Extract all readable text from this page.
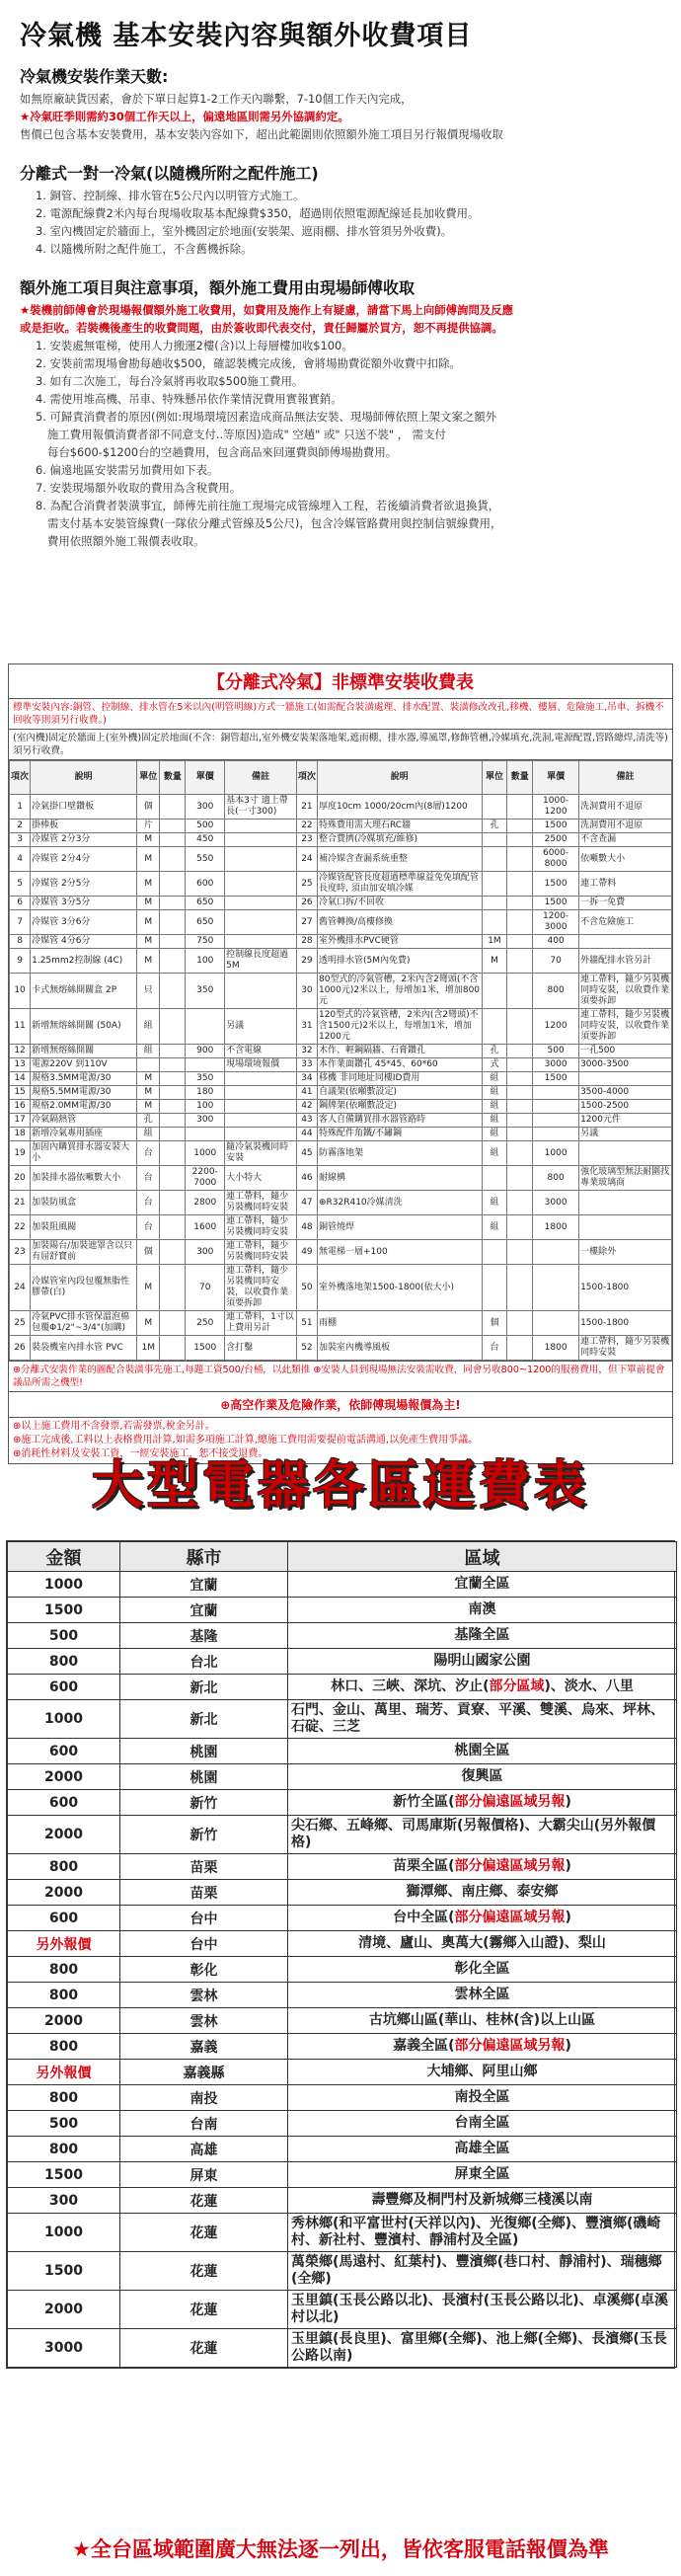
冷氣機 基本安裝內容與額外收費項目
冷氣機安裝作業天數:
如無原廠缺貨因素，會於下單日起算1-2工作天內聯繫，7-10個工作天內完成，
★冷氣旺季則需約30個工作天以上，偏遠地區則需另外協調約定。
售價已包含基本安裝費用，基本安裝內容如下，超出此範圍則依照額外施工項目另行報價現場收取
分離式一對一冷氣(以隨機所附之配件施工)
1. 銅管、控制線、排水管在5公尺內以明管方式施工。
2. 電源配線費2米內每台現場收取基本配線費$350，超過則依照電源配線延長加收費用。
3. 室內機固定於牆面上，室外機固定於地面(安裝架、遮雨棚、排水管須另外收費)。
4. 以隨機所附之配件施工，不含舊機拆除。
額外施工項目與注意事項，額外施工費用由現場師傅收取
★裝機前師傅會於現場報價額外施工收費用，如費用及施作上有疑慮，請當下馬上向師傅詢問及反應
或是拒收。若裝機後產生的收費問題，由於簽收即代表交付，責任歸屬於買方，恕不再提供協調。
1. 安裝處無電梯，使用人力搬運2樓(含)以上每層樓加收$100。
2. 安裝前需現場會勘每趟收$500，確認裝機完成後，會將場勘費從額外收費中扣除。
3. 如有二次施工，每台冷氣將再收取$500施工費用。
4. 需使用堆高機、吊車、特殊懸吊依作業情況費用實報實銷。
5. 可歸責消費者的原因(例如:現場環境因素造成商品無法安裝、現場師傅依照上架文案之額外
施工費用報價消費者卻不同意支付..等原因)造成" 空趟" 或" 只送不裝" ， 需支付
每台$600-$1200台的空趟費用，包含商品來回運費與師傅場勘費用。
6. 偏遠地區安裝需另加費用如下表。
7. 安裝現場額外收取的費用為含稅費用。
8. 為配合消費者裝潢事宜，師傅先前往施工現場完成管線埋入工程，若後續消費者欲退換貨，
需支付基本安裝管線費(一隊依分離式管線及5公尺)，包含冷媒管路費用與控制信號線費用，
費用依照額外施工報價表收取。
【分離式冷氣】非標準安裝收費表
標準安裝內容:銅管、控制線、排水管在5米以內(明管明線)方式一牆施工(如需配合裝潢處理、排水配置、裝潢修改改孔,移機、樓層、危險施工,吊車、拆機不回收等則須另行收費。)
(室內機)固定於牆面上(室外機)固定於地面(不含：銅管超出,室外機安裝架落地架,遮雨棚、排水器,導風罩,修飾管槽,冷媒填充,洗洞,電源配置,管路總焊,清洗等)須另行收費。
項次	說明	單位	數量	單價	備註	項次	說明	單位	數量	單價	備註
1	冷氣掛口壁鑽板	個		300	基本3寸 適上帶長(一寸300)	21	厚度10cm 1000/20cm內(8層)1200			1000-1200	洗洞費用不退原
2	掛棒板	片		500		22	特殊費用需大理石RC牆	孔		1500	洗洞費用不退原
3	冷媒管 2分3分	M		450		23	整合費擠(冷媒填充/維修)			2500	不含查漏
4	冷媒管 2分4分	M		550		24	補冷媒含查漏系統重整			6000-8000	依噸數大小
5	冷媒管 2分5分	M		600		25	冷媒管配管長度超過標準線益免免填配管長度時, 須由加安填冷媒			1500	連工帶料
6	冷媒管 3分5分	M		650		26	冷氣口拆/不回收			1500	一拆一免費
7	冷媒管 3分6分	M		650		27	舊管轉換/高樓修換			1200-3000	不含危險施工
8	冷媒管 4分6分	M		750		28	室外機排水PVC硬管	1M		400	
9	1.25mm2控制線 (4C)	M		100	控制線長度超過5M	29	透明排水管(5M內免費)	M		70	外牆配排水管另計
10	卡式無熔絲開關盒 2P	只		350		30	80型式的冷氣管槽，2米內含2彎頭(不含1000元)2米以上，每增加1米，增加800元			800	連工帶料，隨少另裝機同時安裝，以收費作業須要拆卸
11	新增無熔絲開關 (50A)	組			另議	31	120型式的冷氣管槽，2米內(含2彎頭)不含1500元)2米以上，每增加1米，增加1200元			1200	連工帶料，隨少另裝機同時安裝，以收費作業須要拆卸
12	新增無熔絲開關	組		900	不含電線	32	木作、輕鋼隔牆、石膏鑽孔	孔		500	一孔500
13	電源220V 到110V				現場環境報價	33	本作業面鑽孔 45*45、60*60	式		3000	3000-3500
14	規格3.5MM電源/30	M		350		34	移機 非同地址同樓ID費用	組		1500	
15	規格5.5MM電源/30	M		180		41	自議架(依噸數設定)	組			3500-4000
16	規格2.0MM電源/30	M		100		42	鋼牌架(依噸數設定)	組			1500-2500
17	冷氣隔熱管	孔		300		43	客人自備購買排水器管路時	組			1200元件
18	新增冷氣專用插座	組				44	特殊配件角鐵/不鏽鋼	組			另議
19	加固內購買排水器安裝大小	台		1000	隨冷氣裝機同時安裝	45	防霧落地架	組		1000	
20	加裝排水器依噸數大小	台		2200-7000	大小特大	46	耐線構			800	強化玻璃型無法耐圍找專業玻璃商
21	加裝防風盒	台		2800	連工帶料，隨少另裝機同時安裝	47	⊕R32R410冷媒清洗	組		3000	
22	加裝阻風閥	台		1600	連工帶料，隨少另裝機同時安裝	48	銅管燒焊	組		1800	
23	加裝陽台/加裝遮罩含以只有屈舒寶前	個		300	連工帶料，隨少另裝機同時安裝	49	無電梯一層+100				一樓除外
24	冷媒管室內段包覆無脂性膠帶(白)	M		70	連工帶料，隨少另裝機同時安裝，以收費作業須要拆卸	50	室外機落地架1500-1800(依大小)				1500-1800
25	冷氣PVC排水管保溫泡棉包覆Φ1/2"~3/4"(加購)	M		250	連工帶料，1寸以上費用另計	51	雨棚	個			1500-1800
26	裝袋機室內排水管 PVC	1M		1500	含打鑿	52	加裝室內機導風板	台		1800	連工帶料，隨少另裝機同時安裝
⊕分離式安裝作業的圖配合裝潢事先施工,每題工資500/台桶，以此類推 ⊕安裝人員到現場無法安裝需收費，同會另收800~1200的服務費用，但下單前提會議品所需之機型!
⊕高空作業及危險作業，依師傅現場報價為主!
⊕以上施工費用不含發票,若需發票,稅金另計。
⊕施工完成後,工料以上表格費用計算,如需多項施工計算,總施工費用需要提前電話溝通,以免產生費用爭議。
⊕消耗性材料及安裝工資，一經安裝施工，恕不接受退費。
大型電器各區運費表
金額	縣市	區域
1000	宜蘭	宜蘭全區
1500	宜蘭	南澳
500	基隆	基隆全區
800	台北	陽明山國家公園
600	新北	林口、三峽、深坑、汐止(部分區域)、淡水、八里
1000	新北	石門、金山、萬里、瑞芳、貢寮、平溪、雙溪、烏來、坪林、石碇、三芝
600	桃園	桃園全區
2000	桃園	復興區
600	新竹	新竹全區(部分偏遠區域另報)
2000	新竹	尖石鄉、五峰鄉、司馬庫斯(另報價格)、大霸尖山(另外報價格)
800	苗栗	苗栗全區(部分偏遠區域另報)
2000	苗栗	獅潭鄉、南庄鄉、泰安鄉
600	台中	台中全區(部分偏遠區域另報)
另外報價	台中	清境、廬山、奧萬大(霧鄉入山證)、梨山
800	彰化	彰化全區
800	雲林	雲林全區
2000	雲林	古坑鄉山區(華山、桂林(含)以上山區
800	嘉義	嘉義全區(部分偏遠區域另報)
另外報價	嘉義縣	大埔鄉、阿里山鄉
800	南投	南投全區
500	台南	台南全區
800	高雄	高雄全區
1500	屏東	屏東全區
300	花蓮	壽豐鄉及桐門村及新城鄉三棧溪以南
1000	花蓮	秀林鄉(和平富世村(天祥以內)、光復鄉(全鄉)、豐濱鄉(磯崎村、新社村、豐濱村、靜浦村及全區)
1500	花蓮	萬榮鄉(馬遠村、紅葉村)、豐濱鄉(巷口村、靜浦村)、瑞穗鄉(全鄉)
2000	花蓮	玉里鎮(玉長公路以北)、長濱村(玉長公路以北)、卓溪鄉(卓溪村以北)
3000	花蓮	玉里鎮(長良里)、富里鄉(全鄉)、池上鄉(全鄉)、長濱鄉(玉長公路以南)
★全台區域範圍廣大無法逐一列出，皆依客服電話報價為準
